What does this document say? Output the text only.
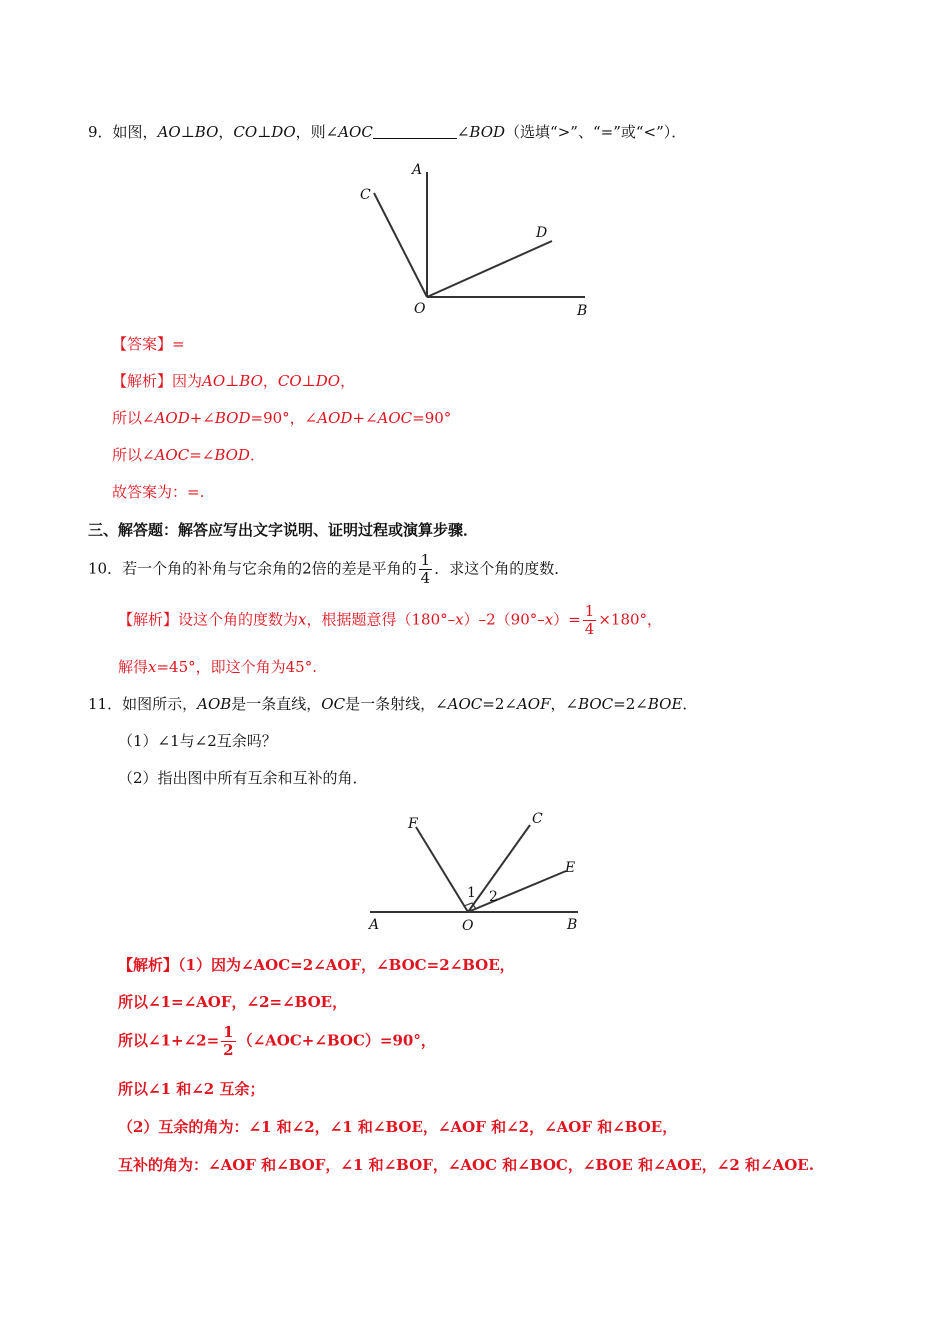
9．如图，AO⊥BO，CO⊥DO，则∠AOC	∠BOD（选填“>”、“=”或“<”）．
A
B
C
D
O
【答案】=
【解析】因为AO⊥BO，CO⊥DO，
所以∠AOD+∠BOD=90°，∠AOD+∠AOC=90°
所以∠AOC=∠BOD．
故答案为：=.
三、解答题：解答应写出文字说明、证明过程或演算步骤．
10．若一个角的补角与它余角的2倍的差是平角的 $\frac{1}{4}$ ．求这个角的度数．
【解析】设这个角的度数为x，根据题意得$(180^\circ-x)-2(90^\circ-x)= \frac{1}{4} \times 180^\circ$，
解得x=45°，即这个角为45°.
11．如图所示，AOB是一条直线，OC是一条射线，∠AOC=2∠AOF，∠BOC=2∠BOE．
（1）∠1与∠2互余吗？
（2）指出图中所有互余和互补的角．
A	B
C
E
F
O
1 2
【解析】（1）因为∠AOC=2∠AOF，∠BOC=2∠BOE，
所以∠1=∠AOF，∠2=∠BOE，
所以∠1+∠2= $\frac{1}{2}$ （∠AOC+∠BOC）=90°，
所以∠1 和∠2 互余；
（2）互余的角为：∠1 和∠2，∠1 和∠BOE，∠AOF 和∠2，∠AOF 和∠BOE，
互补的角为：∠AOF 和∠BOF，∠1 和∠BOF，∠AOC 和∠BOC，∠BOE 和∠AOE，∠2 和∠AOE.
